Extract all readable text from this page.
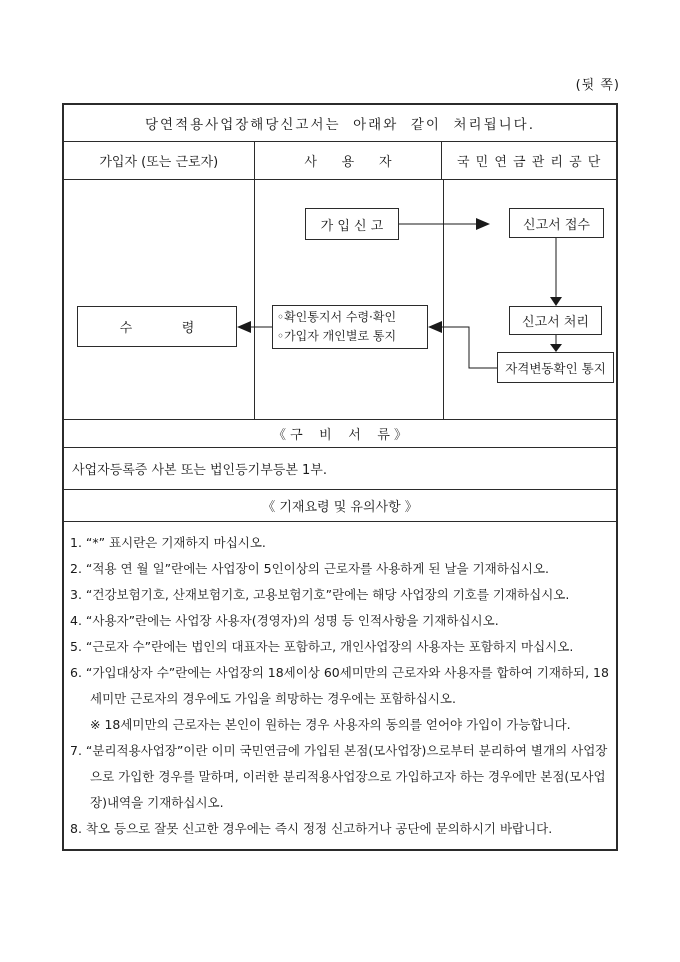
(뒷 쪽)
당연적용사업장해당신고서는  아래와  같이  처리됩니다.
가입자 (또는 근로자)	사      용      자	국 민 연 금 관 리 공 단
가 입 신 고	신고서 접수
신고서 처리
자격변동확인 통지
◦확인통지서 수령·확인
◦가입자 개인별로 통지
수            령
《 구    비    서    류 》
사업자등록증 사본 또는 법인등기부등본 1부.
《 기재요령 및 유의사항 》
1. “*” 표시란은 기재하지 마십시오.
2. “적용 연 월 일”란에는 사업장이 5인이상의 근로자를 사용하게 된 날을 기재하십시오.
3. “건강보험기호, 산재보험기호, 고용보험기호”란에는 해당 사업장의 기호를 기재하십시오.
4. “사용자”란에는 사업장 사용자(경영자)의 성명 등 인적사항을 기재하십시오.
5. “근로자 수”란에는 법인의 대표자는 포함하고, 개인사업장의 사용자는 포함하지 마십시오.
6. “가입대상자 수”란에는 사업장의 18세이상 60세미만의 근로자와 사용자를 합하여 기재하되, 18세미만 근로자의 경우에도 가입을 희망하는 경우에는 포함하십시오.
※ 18세미만의 근로자는 본인이 원하는 경우 사용자의 동의를 얻어야 가입이 가능합니다.
7. “분리적용사업장”이란 이미 국민연금에 가입된 본점(모사업장)으로부터 분리하여 별개의 사업장으로 가입한 경우를 말하며, 이러한 분리적용사업장으로 가입하고자 하는 경우에만 본점(모사업장)내역을 기재하십시오.
8. 착오 등으로 잘못 신고한 경우에는 즉시 정정 신고하거나 공단에 문의하시기 바랍니다.
